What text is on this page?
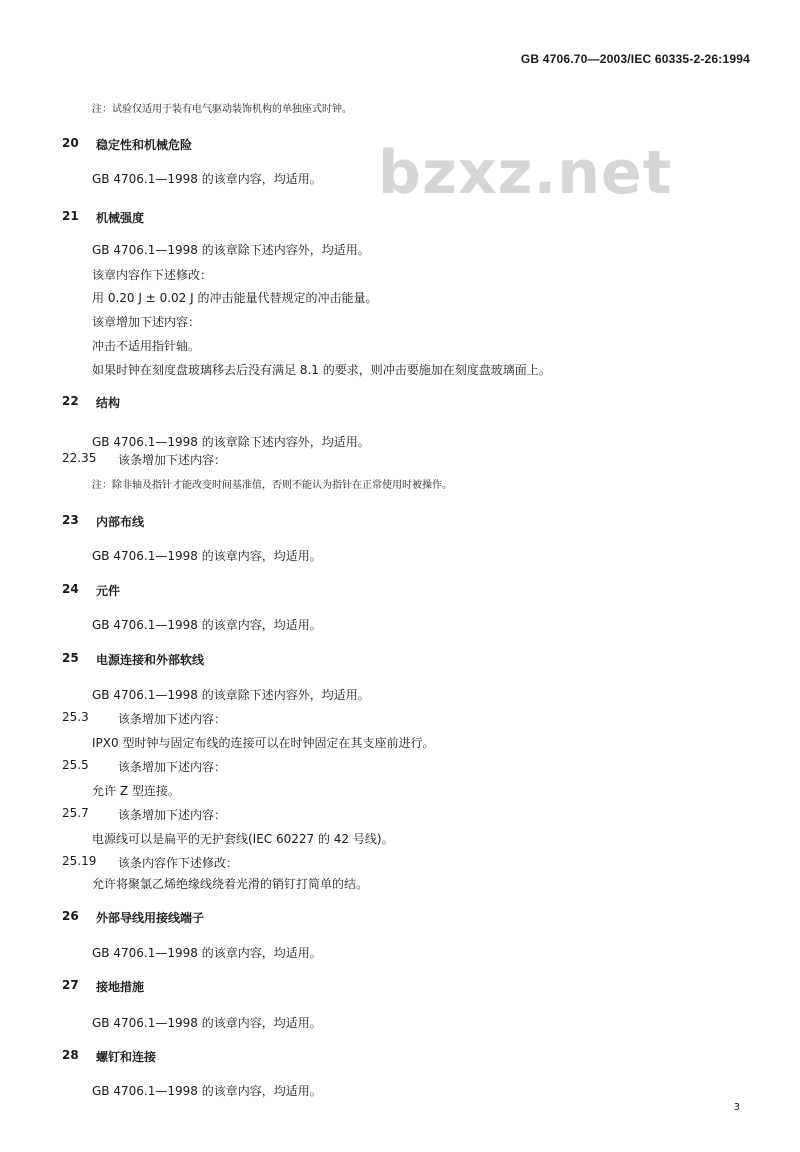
GB 4706.70—2003/IEC 60335-2-26:1994
bzxz.net
注：试验仅适用于装有电气驱动装饰机构的单独座式时钟。
20 稳定性和机械危险
GB 4706.1—1998 的该章内容，均适用。
21 机械强度
GB 4706.1—1998 的该章除下述内容外，均适用。
该章内容作下述修改：
用 0.20 J ± 0.02 J 的冲击能量代替规定的冲击能量。
该章增加下述内容：
冲击不适用指针轴。
如果时钟在刻度盘玻璃移去后没有满足 8.1 的要求，则冲击要施加在刻度盘玻璃面上。
22 结构
GB 4706.1—1998 的该章除下述内容外，均适用。
22.35 该条增加下述内容：
注：除非轴及指针才能改变时间基准值，否则不能认为指针在正常使用时被操作。
23 内部布线
GB 4706.1—1998 的该章内容，均适用。
24 元件
GB 4706.1—1998 的该章内容，均适用。
25 电源连接和外部软线
GB 4706.1—1998 的该章除下述内容外，均适用。
25.3 该条增加下述内容：
IPX0 型时钟与固定布线的连接可以在时钟固定在其支座前进行。
25.5 该条增加下述内容：
允许 Z 型连接。
25.7 该条增加下述内容：
电源线可以是扁平的无护套线(IEC 60227 的 42 号线)。
25.19 该条内容作下述修改：
允许将聚氯乙烯绝缘线绕着光滑的销钉打简单的结。
26 外部导线用接线端子
GB 4706.1—1998 的该章内容，均适用。
27 接地措施
GB 4706.1—1998 的该章内容，均适用。
28 螺钉和连接
GB 4706.1—1998 的该章内容，均适用。
3
